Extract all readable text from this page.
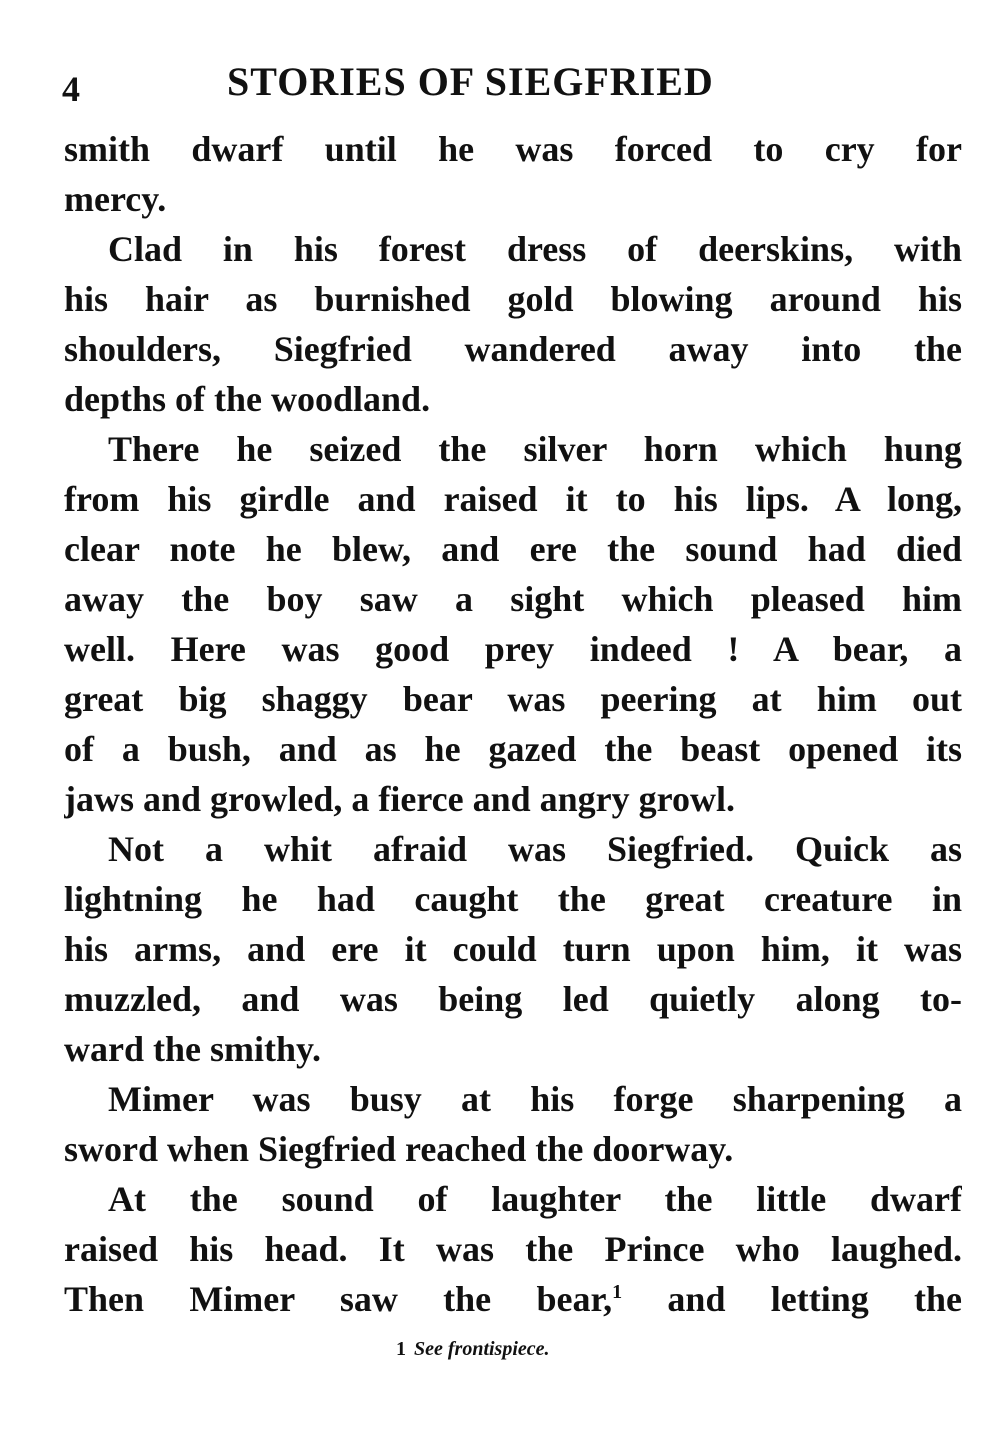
4	STORIES OF SIEGFRIED
smith dwarf until he was forced to cry for
mercy.
Clad in his forest dress of deerskins, with
his hair as burnished gold blowing around his
shoulders, Siegfried wandered away into the
depths of the woodland.
There he seized the silver horn which hung
from his girdle and raised it to his lips. A long,
clear note he blew, and ere the sound had died
away the boy saw a sight which pleased him
well. Here was good prey indeed ! A bear, a
great big shaggy bear was peering at him out
of a bush, and as he gazed the beast opened its
jaws and growled, a fierce and angry growl.
Not a whit afraid was Siegfried. Quick as
lightning he had caught the great creature in
his arms, and ere it could turn upon him, it was
muzzled, and was being led quietly along to-
ward the smithy.
Mimer was busy at his forge sharpening a
sword when Siegfried reached the doorway.
At the sound of laughter the little dwarf
raised his head. It was the Prince who laughed.
Then Mimer saw the bear,$^1$ and letting the
1 See frontispiece.
